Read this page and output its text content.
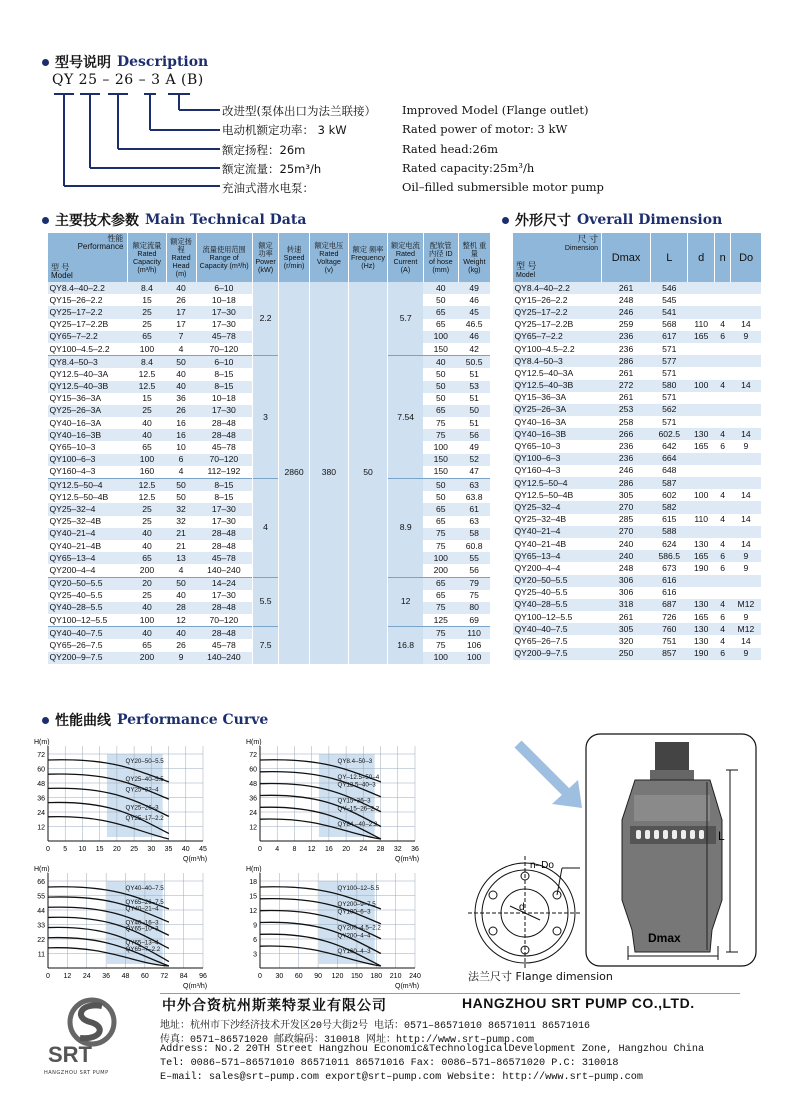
型号说明 Description
QY 25 – 26 – 3 A (B)
改进型(泵体出口为法兰联接） Improved Model (Flange outlet)
电动机额定功率： 3 kW	Rated power of motor: 3 kW
额定扬程：26m	Rated head:26m
额定流量：25m³/h	Rated capacity:25m³/h
充油式潜水电泵：	Oil–filled submersible motor pump
主要技术参数 Main Technical Data
性能
Performance
型 号
Model	额定流量 Rated Capacity (m³/h)	额定扬程 Rated Head (m)	流量使用范围 Range of Capacity (m³/h)	额定 功率 Power (kW)	转速 Speed (r/min)	额定电压 Rated Voltage (v)	额定 频率 Frequency (Hz)	额定电流 Rated Current (A)	配软管 内径 ID of hose (mm)	整机 重量 Weight (kg)
QY8.4–40–2.2	8.4	40	6–10	2.2	2860	380	50	5.7	40	49
QY15–26–2.2	15	26	10–18						50	46
QY25–17–2.2	25	17	17–30						65	45
QY25–17–2.2B	25	17	17–30						65	46.5
QY65–7–2.2	65	7	45–78						100	46
QY100–4.5–2.2	100	4	70–120						150	42
QY8.4–50–3	8.4	50	6–10	3				7.54	40	50.5
QY12.5–40–3A	12.5	40	8–15						50	51
QY12.5–40–3B	12.5	40	8–15						50	53
QY15–36–3A	15	36	10–18						50	51
QY25–26–3A	25	26	17–30						65	50
QY40–16–3A	40	16	28–48						75	51
QY40–16–3B	40	16	28–48						75	56
QY65–10–3	65	10	45–78						100	49
QY100–6–3	100	6	70–120						150	52
QY160–4–3	160	4	112–192						150	47
QY12.5–50–4	12.5	50	8–15	4				8.9	50	63
QY12.5–50–4B	12.5	50	8–15						50	63.8
QY25–32–4	25	32	17–30						65	61
QY25–32–4B	25	32	17–30						65	63
QY40–21–4	40	21	28–48						75	58
QY40–21–4B	40	21	28–48						75	60.8
QY65–13–4	65	13	45–78						100	55
QY200–4–4	200	4	140–240						200	56
QY20–50–5.5	20	50	14–24	5.5				12	65	79
QY25–40–5.5	25	40	17–30						65	75
QY40–28–5.5	40	28	28–48						75	80
QY100–12–5.5	100	12	70–120						125	69
QY40–40–7.5	40	40	28–48	7.5				16.8	75	110
QY65–26–7.5	65	26	45–78						75	106
QY200–9–7.5	200	9	140–240						100	100
外形尺寸 Overall Dimension
尺 寸
Dimension
型 号
Model	Dmax	L	d	n	Do
QY8.4–40–2.2	261	546			
QY15–26–2.2	248	545			
QY25–17–2.2	246	541			
QY25–17–2.2B	259	568	110	4	14
QY65–7–2.2	236	617	165	6	9
QY100–4.5–2.2	236	571			
QY8.4–50–3	286	577			
QY12.5–40–3A	261	571			
QY12.5–40–3B	272	580	100	4	14
QY15–36–3A	261	571			
QY25–26–3A	253	562			
QY40–16–3A	258	571			
QY40–16–3B	266	602.5	130	4	14
QY65–10–3	236	642	165	6	9
QY100–6–3	236	664			
QY160–4–3	246	648			
QY12.5–50–4	286	587			
QY12.5–50–4B	305	602	100	4	14
QY25–32–4	270	582			
QY25–32–4B	285	615	110	4	14
QY40–21–4	270	588			
QY40–21–4B	240	624	130	4	14
QY65–13–4	240	586.5	165	6	9
QY200–4–4	248	673	190	6	9
QY20–50–5.5	306	616			
QY25–40–5.5	306	616			
QY40–28–5.5	318	687	130	4	M12
QY100–12–5.5	261	726	165	6	9
QY40–40–7.5	305	760	130	4	M12
QY65–26–7.5	320	751	130	4	14
QY200–9–7.5	250	857	190	6	9
性能曲线 Performance Curve
72
60
48
36
24
12
0 5 10 15 20 25 30 35 40 45
H(m)
Q(m³/h)
QY20–50–5.5
QY25–40–5.5
QY25–32–4
QY25–26–3
QY25–17–2.2
72
60
48
36
24
12
0 4 8 12 16 20 24 28 32 36
H(m)
Q(m³/h)
QY8.4–50–3
QY–12.5–50–4
QY12.5–40–3
QY15–36–3
QY–15–26–2.2
QY84.–40–2.2
66
55
44
33
22
11
0 12 24 36 48 60 72 84 96
H(m)
Q(m³/h)
QY40–40–7.5
QY65–26–7.5
QY40–21–4
QY40–16–3
QY65–10–3
QY65–13–4
QY65–7–2.2
18
15
12
9
6
3
0 30 60 90 120 150 180 210 240
H(m)
Q(m³/h)
QY100–12–5.5
QY200–9–7.5
QY100–6–3
QY200–4.5–2.2
QY200–4–4
QY160–4–3
n–Do
d
L
Dmax
法兰尺寸 Flange dimension
SRT
HANGZHOU SRT PUMP
中外合资杭州斯莱特泵业有限公司	HANGZHOU SRT PUMP CO.,LTD.
地址：杭州市下沙经济技术开发区20号大街2号 电话：0571–86571010 86571011 86571016
传真：0571–86571020 邮政编码：310018 网址：http://www.srt–pump.com
Address: No.2 20TH Street Hangzhou Economic&TechnologicalDevelopment Zone, Hangzhou China
Tel: 0086–571–86571010 86571011 86571016 Fax: 0086–571–86571020 P.C: 310018
E–mail: sales@srt–pump.com export@srt–pump.com Website: http://www.srt–pump.com
